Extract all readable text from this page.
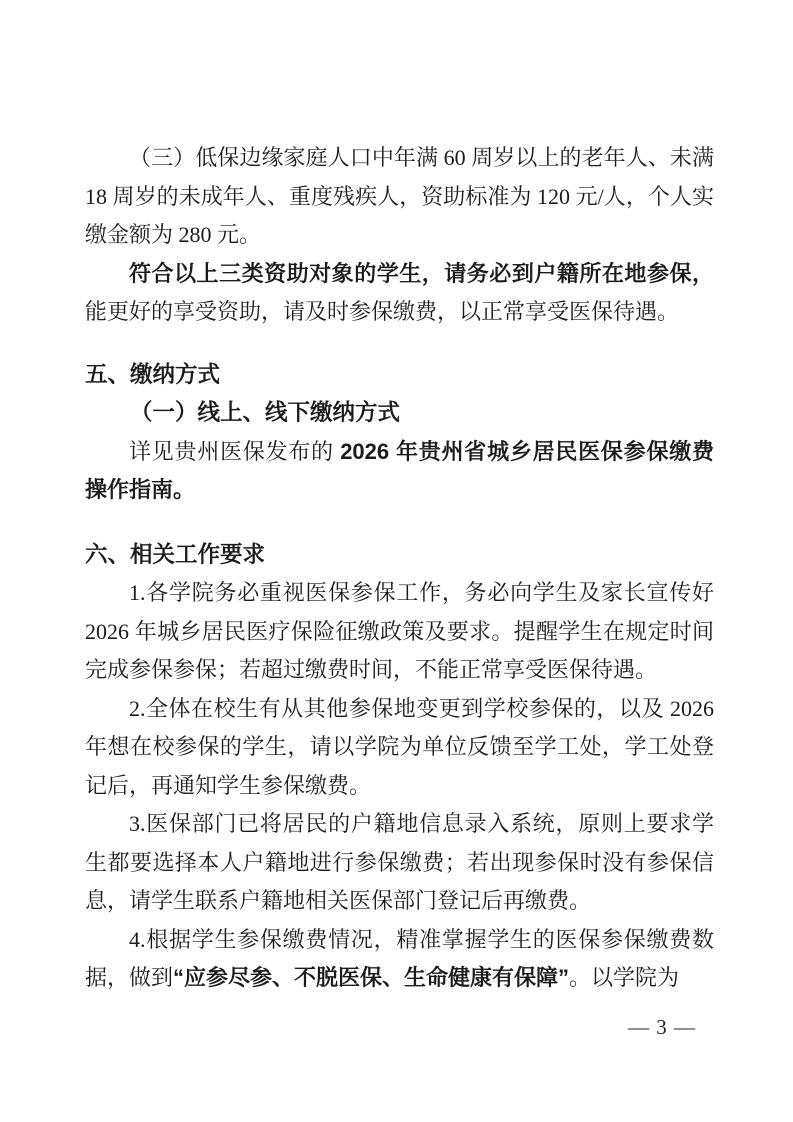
（三）低保边缘家庭人口中年满 60 周岁以上的老年人、未满 18 周岁的未成年人、重度残疾人，资助标准为 120 元/人，个人实缴金额为 280 元。

符合以上三类资助对象的学生，请务必到户籍所在地参保，能更好的享受资助，请及时参保缴费，以正常享受医保待遇。

五、缴纳方式
（一）线上、线下缴纳方式

详见贵州医保发布的 2026 年贵州省城乡居民医保参保缴费操作指南。

六、相关工作要求

1.各学院务必重视医保参保工作，务必向学生及家长宣传好 2026 年城乡居民医疗保险征缴政策及要求。提醒学生在规定时间完成参保参保；若超过缴费时间，不能正常享受医保待遇。

2.全体在校生有从其他参保地变更到学校参保的，以及 2026 年想在校参保的学生，请以学院为单位反馈至学工处，学工处登记后，再通知学生参保缴费。

3.医保部门已将居民的户籍地信息录入系统，原则上要求学生都要选择本人户籍地进行参保缴费；若出现参保时没有参保信息，请学生联系户籍地相关医保部门登记后再缴费。

4.根据学生参保缴费情况，精准掌握学生的医保参保缴费数据，做到“应参尽参、不脱医保、生命健康有保障”。以学院为

— 3 —
